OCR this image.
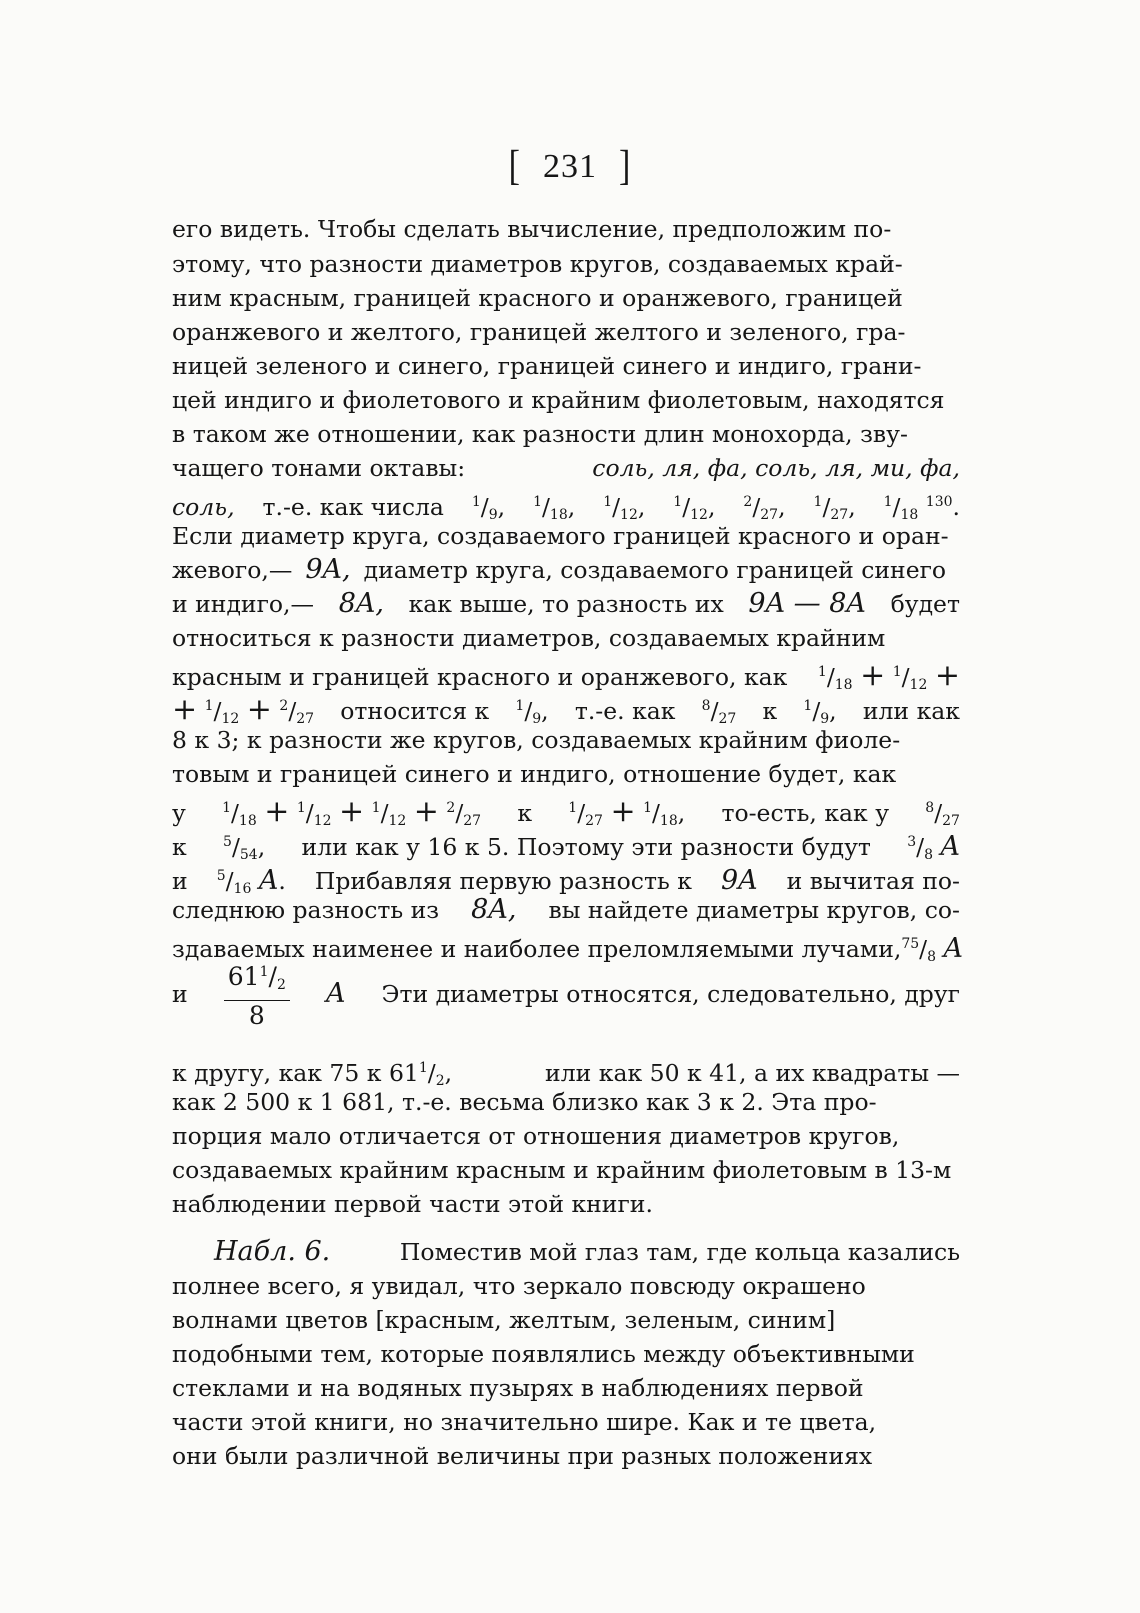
[ 231 ]
его видеть. Чтобы сделать вычисление, предположим по-
этому, что разности диаметров кругов, создаваемых край-
ним красным, границей красного и оранжевого, границей
оранжевого и желтого, границей желтого и зеленого, гра-
ницей зеленого и синего, границей синего и индиго, грани-
цей индиго и фиолетового и крайним фиолетовым, находятся
в таком же отношении, как разности длин монохорда, зву-
чащего тонами октавы:	соль, ля, фа, соль, ля, ми, фа,
соль, т.-е. как числа $^1/_9$, $^1/_{18}$, $^1/_{12}$, $^1/_{12}$, $^2/_{27}$, $^1/_{27}$, $^1/_{18}$ $^{130}$.
Если диаметр круга, создаваемого границей красного и оран-
жевого,— 9A, диаметр круга, создаваемого границей синего
и индиго,— 8A, как выше, то разность их 9A — 8A будет
относиться к разности диаметров, создаваемых крайним
красным и границей красного и оранжевого, как $^1/_{18} + ^1/_{12}$ +
+ $^1/_{12} + ^2/_{27}$ относится к $^1/_9$, т.-е. как $^8/_{27}$ к $^1/_9$, или как
8 к 3; к разности же кругов, создаваемых крайним фиоле-
товым и границей синего и индиго, отношение будет, как
у	$^1/_{18} + ^1/_{12} + ^1/_{12} + ^2/_{27}$ к	$^1/_{27} + ^1/_{18}$, то-есть, как у	$^8/_{27}$
к	$^5/_{54}$, или как у 16 к 5. Поэтому эти разности будут	$^3/_8$ A
и $^5/_{16}$ A. Прибавляя первую разность к 9A и вычитая по-
следнюю разность из 8A, вы найдете диаметры кругов, со-
здаваемых наименее и наиболее преломляемыми лучами, $^{75}/_8$ A
и
$61^1/_2$
8
A Эти диаметры относятся, следовательно, друг
к другу, как 75 к $61^1/_2$,	или как 50 к 41, а их квадраты —
как 2 500 к 1 681, т.-е. весьма близко как 3 к 2. Эта про-
порция мало отличается от отношения диаметров кругов,
создаваемых крайним красным и крайним фиолетовым в 13-м
наблюдении первой части этой книги.
Набл. 6.	Поместив мой глаз там, где кольца казались
полнее всего, я увидал, что зеркало повсюду окрашено
волнами цветов [красным, желтым, зеленым, синим]
подобными тем, которые появлялись между объективными
стеклами и на водяных пузырях в наблюдениях первой
части этой книги, но значительно шире. Как и те цвета,
они были различной величины при разных положениях
